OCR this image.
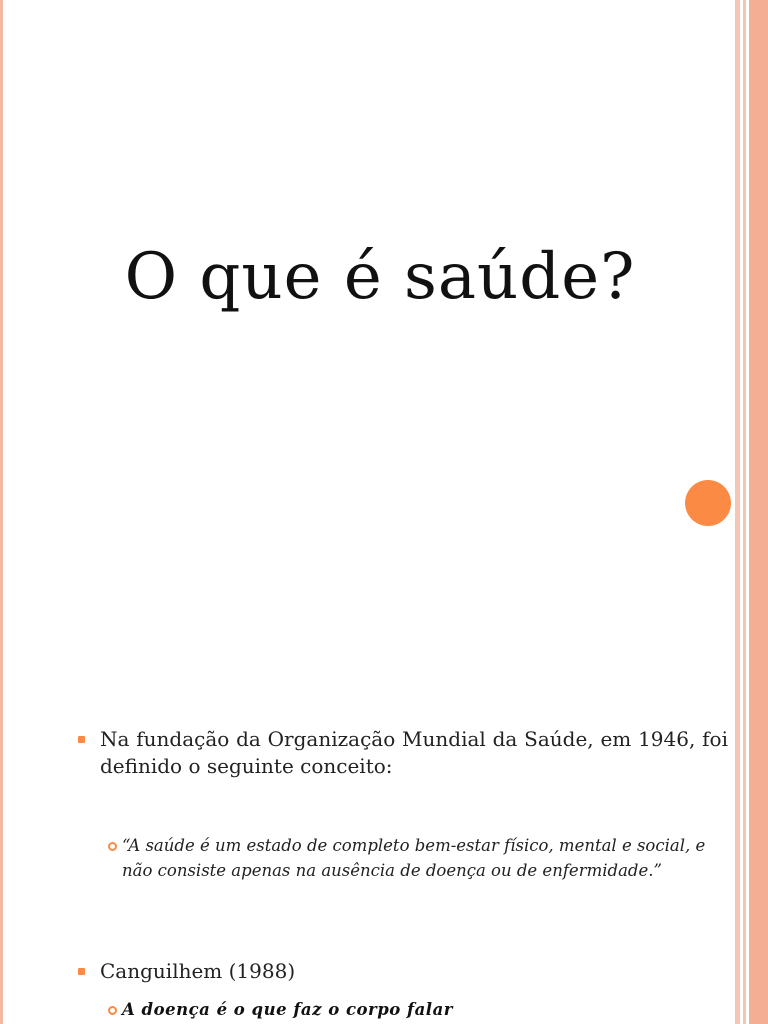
O que é saúde?
Na fundação da Organização Mundial da Saúde, em 1946, foi definido o seguinte conceito:
“A saúde é um estado de completo bem-estar físico, mental e social, e não consiste apenas na ausência de doença ou de enfermidade.”
Canguilhem (1988)
A doença é o que faz o corpo falar
